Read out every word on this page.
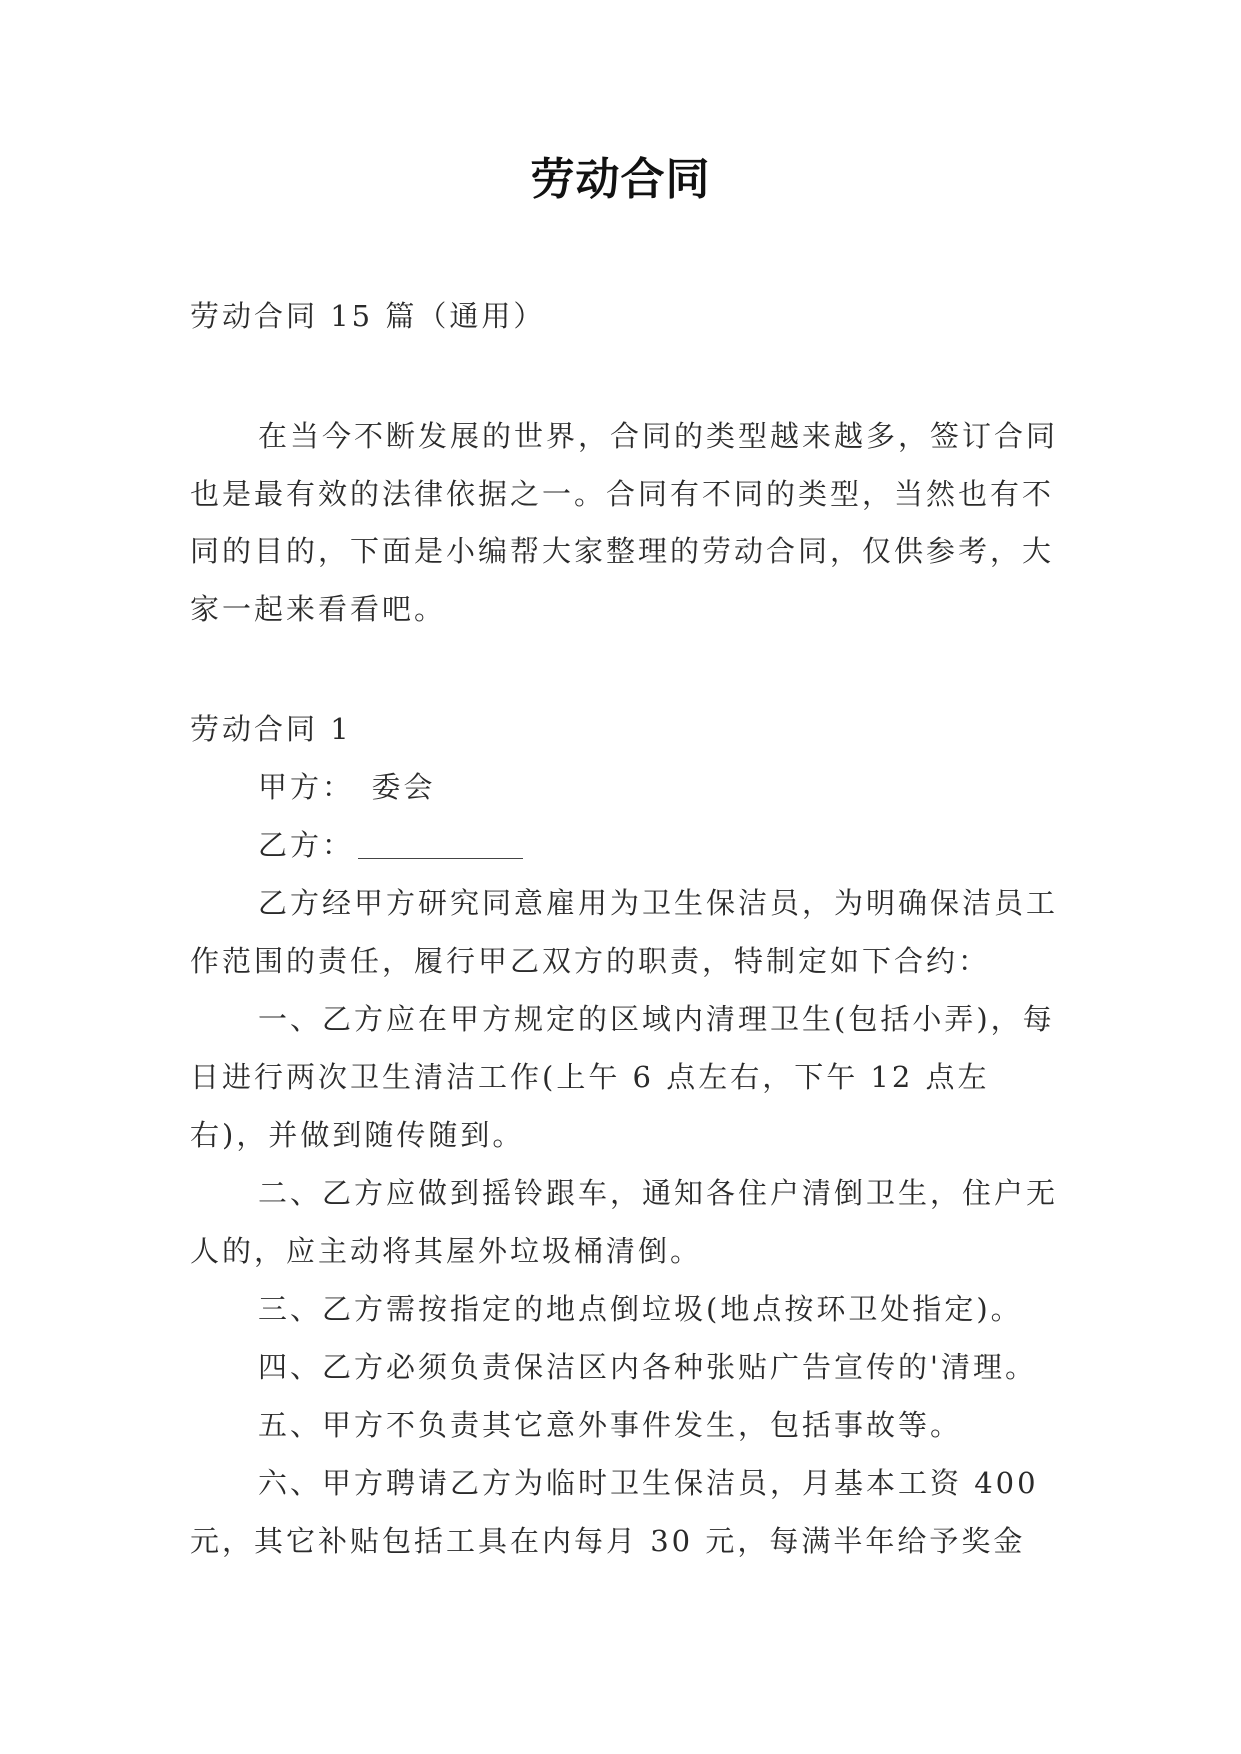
劳动合同
劳动合同 15 篇（通用）
在当今不断发展的世界，合同的类型越来越多，签订合同也是最有效的法律依据之一。合同有不同的类型，当然也有不同的目的，下面是小编帮大家整理的劳动合同，仅供参考，大家一起来看看吧。

劳动合同 1

甲方：　委会

乙方：

乙方经甲方研究同意雇用为卫生保洁员，为明确保洁员工作范围的责任，履行甲乙双方的职责，特制定如下合约：

一、乙方应在甲方规定的区域内清理卫生(包括小弄)，每日进行两次卫生清洁工作(上午 6 点左右，下午 12 点左右)，并做到随传随到。

二、乙方应做到摇铃跟车，通知各住户清倒卫生，住户无人的，应主动将其屋外垃圾桶清倒。

三、乙方需按指定的地点倒垃圾(地点按环卫处指定)。

四、乙方必须负责保洁区内各种张贴广告宣传的'清理。

五、甲方不负责其它意外事件发生，包括事故等。

六、甲方聘请乙方为临时卫生保洁员，月基本工资 400 元，其它补贴包括工具在内每月 30 元，每满半年给予奖金
